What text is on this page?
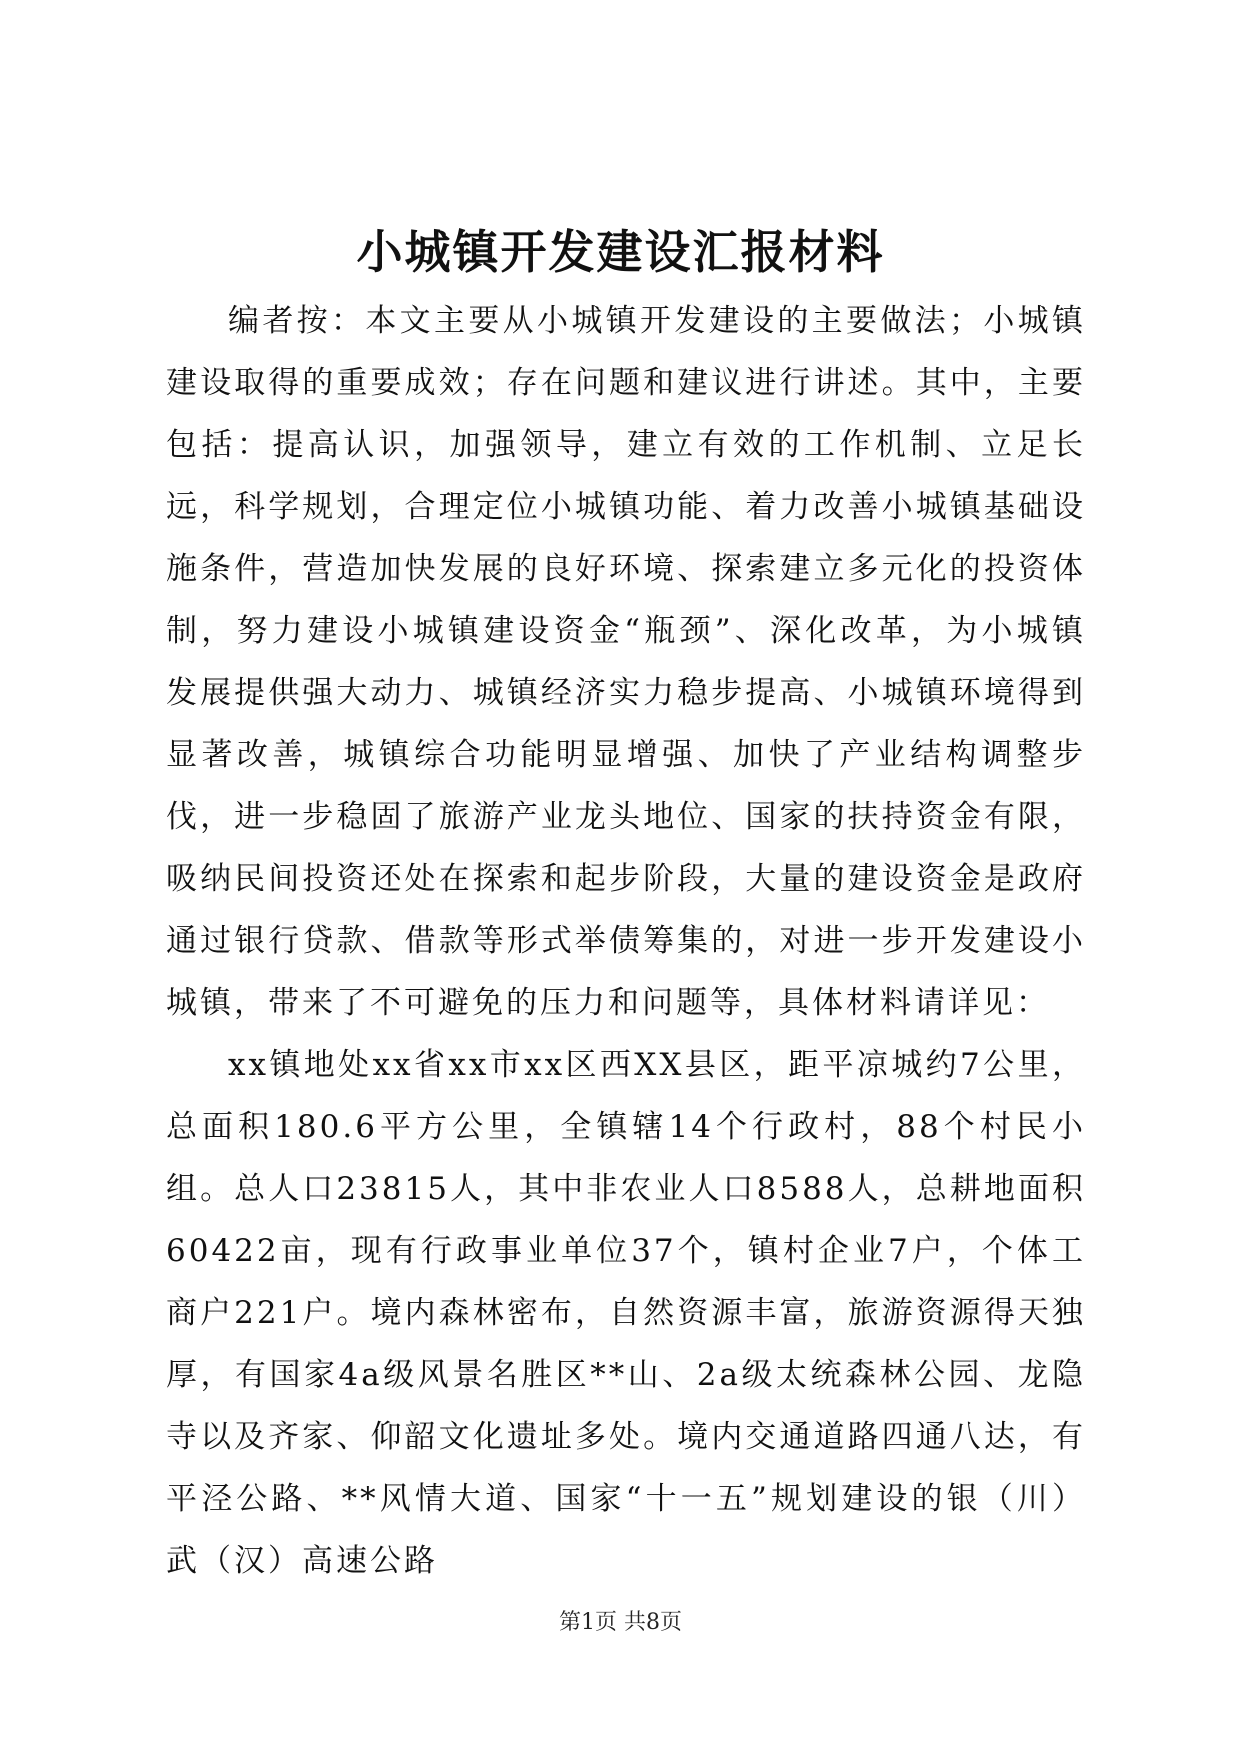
小城镇开发建设汇报材料

编者按：本文主要从小城镇开发建设的主要做法；小城镇建设取得的重要成效；存在问题和建议进行讲述。其中，主要包括：提高认识，加强领导，建立有效的工作机制、立足长远，科学规划，合理定位小城镇功能、着力改善小城镇基础设施条件，营造加快发展的良好环境、探索建立多元化的投资体制，努力建设小城镇建设资金“瓶颈”、深化改革，为小城镇发展提供强大动力、城镇经济实力稳步提高、小城镇环境得到显著改善，城镇综合功能明显增强、加快了产业结构调整步伐，进一步稳固了旅游产业龙头地位、国家的扶持资金有限，吸纳民间投资还处在探索和起步阶段，大量的建设资金是政府通过银行贷款、借款等形式举债筹集的，对进一步开发建设小城镇，带来了不可避免的压力和问题等，具体材料请详见：

xx镇地处xx省xx市xx区西XX县区，距平凉城约7公里，总面积180.6平方公里，全镇辖14个行政村，88个村民小组。总人口23815人，其中非农业人口8588人，总耕地面积60422亩，现有行政事业单位37个，镇村企业7户，个体工商户221户。境内森林密布，自然资源丰富，旅游资源得天独厚，有国家4a级风景名胜区**山、2a级太统森林公园、龙隐寺以及齐家、仰韶文化遗址多处。境内交通道路四通八达，有平泾公路、**风情大道、国家“十一五”规划建设的银（川）武（汉）高速公路

第1页 共8页
